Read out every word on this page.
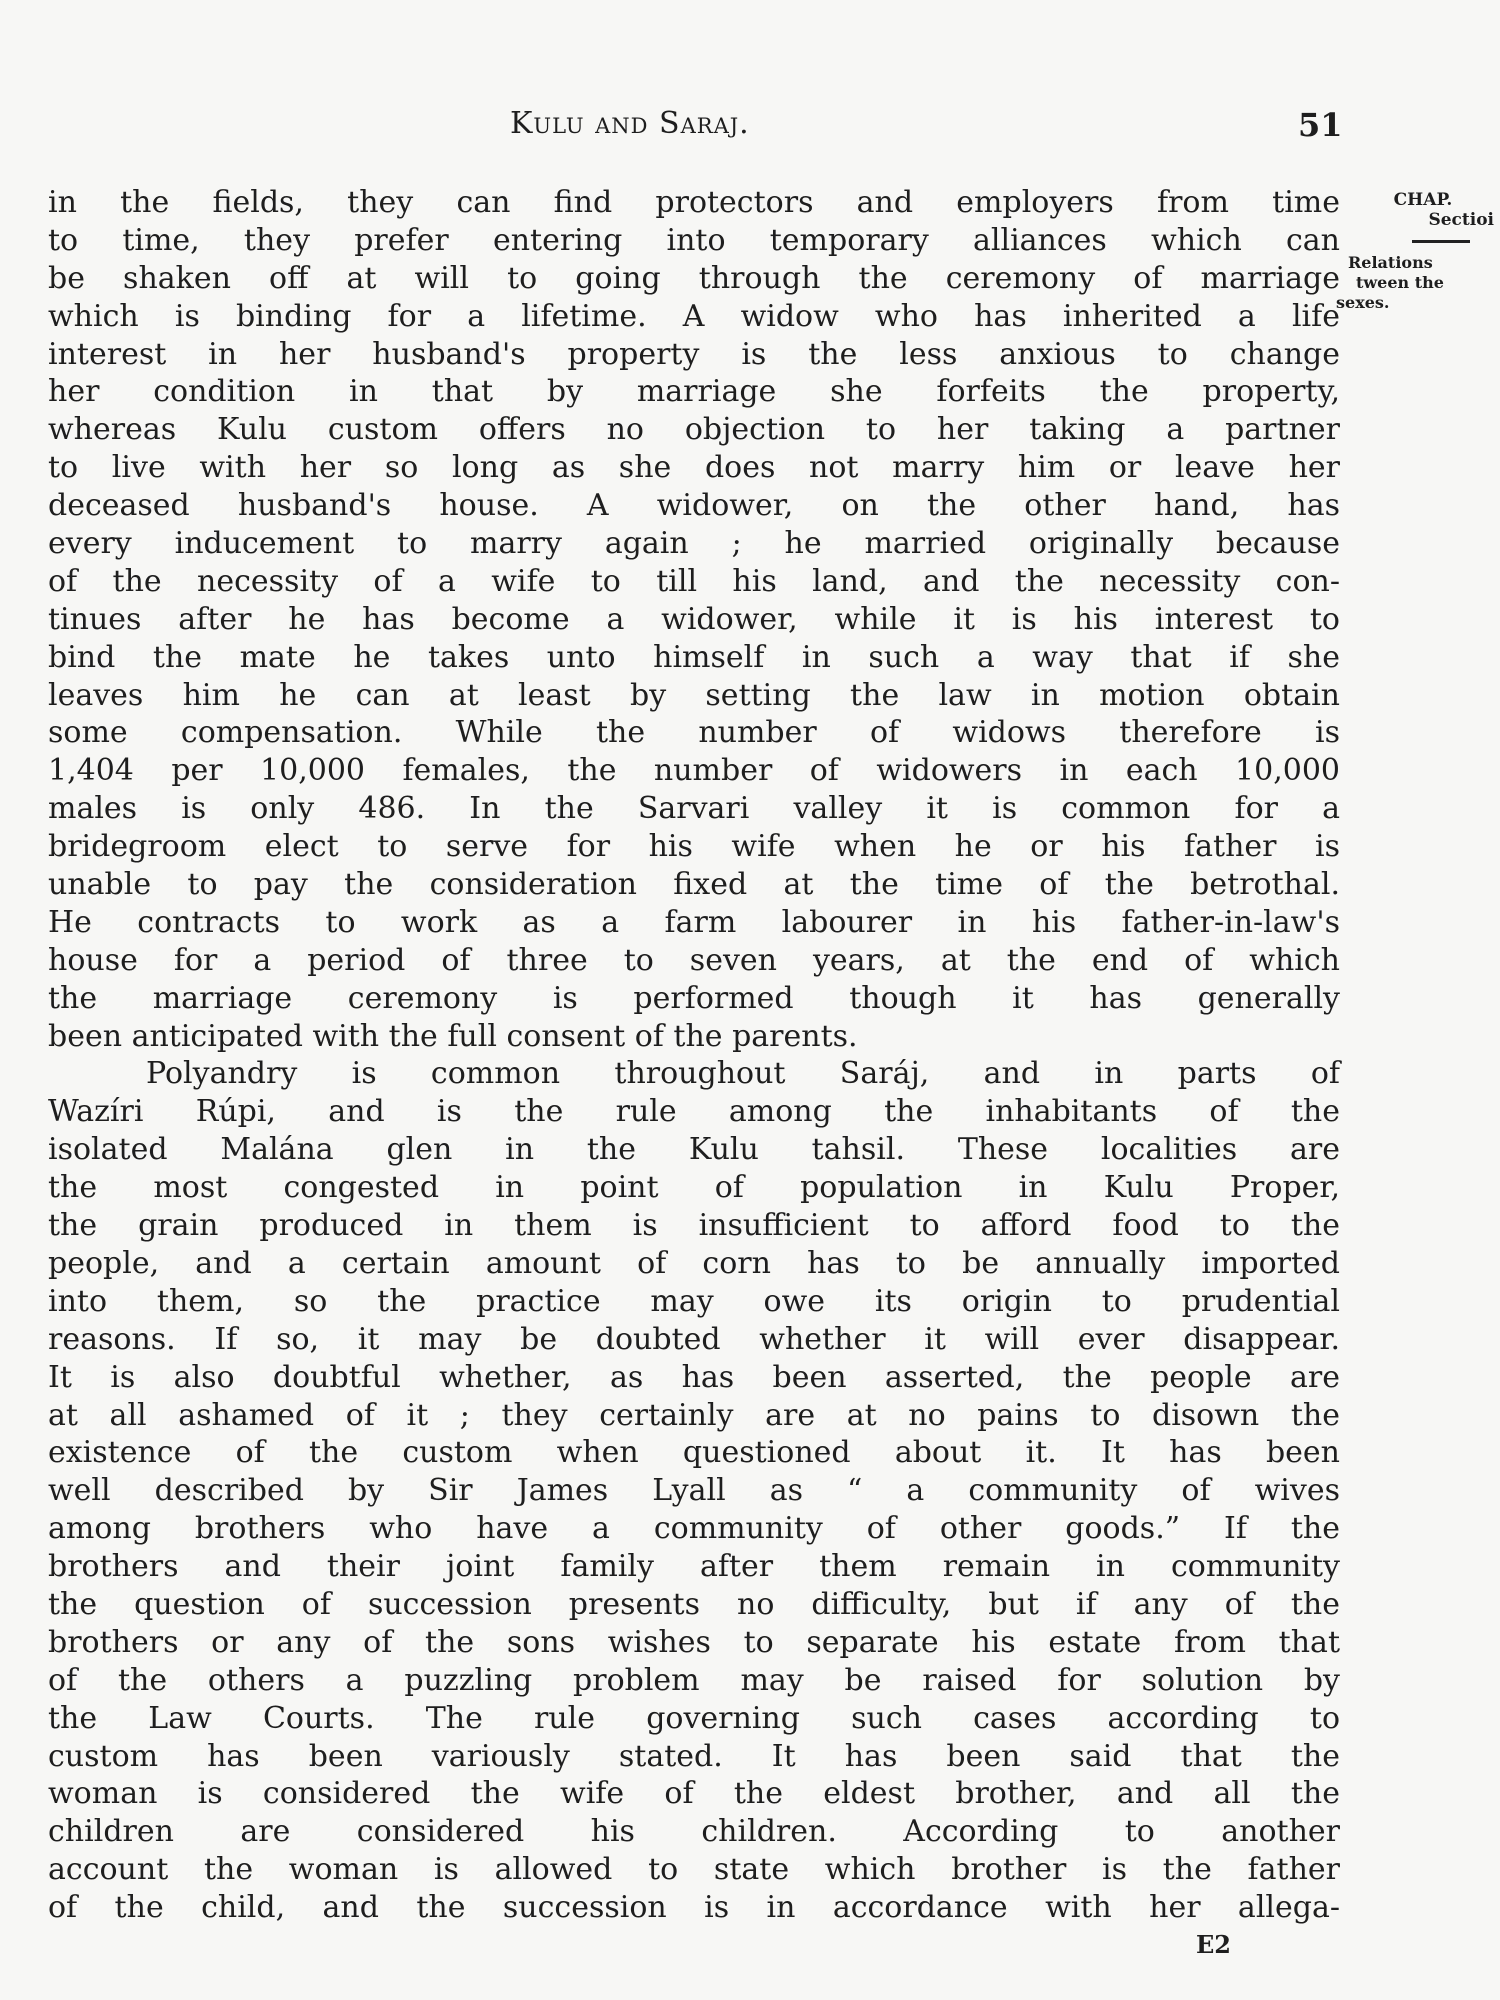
Kulu and Saraj.	51
in the fields, they can find protectors and employers from time
to time, they prefer entering into temporary alliances which can
be shaken off at will to going through the ceremony of marriage
which is binding for a lifetime. A widow who has inherited a life
interest in her husband's property is the less anxious to change
her condition in that by marriage she forfeits the property,
whereas Kulu custom offers no objection to her taking a partner
to live with her so long as she does not marry him or leave her
deceased husband's house. A widower, on the other hand, has
every inducement to marry again ; he married originally because
of the necessity of a wife to till his land, and the necessity con-
tinues after he has become a widower, while it is his interest to
bind the mate he takes unto himself in such a way that if she
leaves him he can at least by setting the law in motion obtain
some compensation. While the number of widows therefore is
1,404 per 10,000 females, the number of widowers in each 10,000
males is only 486. In the Sarvari valley it is common for a
bridegroom elect to serve for his wife when he or his father is
unable to pay the consideration fixed at the time of the betrothal.
He contracts to work as a farm labourer in his father-in-law's
house for a period of three to seven years, at the end of which
the marriage ceremony is performed though it has generally
been anticipated with the full consent of the parents.
Polyandry is common throughout Saráj, and in parts of
Wazíri Rúpi, and is the rule among the inhabitants of the
isolated Malána glen in the Kulu tahsil. These localities are
the most congested in point of population in Kulu Proper,
the grain produced in them is insufficient to afford food to the
people, and a certain amount of corn has to be annually imported
into them, so the practice may owe its origin to prudential
reasons. If so, it may be doubted whether it will ever disappear.
It is also doubtful whether, as has been asserted, the people are
at all ashamed of it ; they certainly are at no pains to disown the
existence of the custom when questioned about it. It has been
well described by Sir James Lyall as “ a community of wives
among brothers who have a community of other goods.” If the
brothers and their joint family after them remain in community
the question of succession presents no difficulty, but if any of the
brothers or any of the sons wishes to separate his estate from that
of the others a puzzling problem may be raised for solution by
the Law Courts. The rule governing such cases according to
custom has been variously stated. It has been said that the
woman is considered the wife of the eldest brother, and all the
children are considered his children. According to another
account the woman is allowed to state which brother is the father
of the child, and the succession is in accordance with her allega-
CHAP.
Sectioi
Relations
tween the
sexes.
E2
